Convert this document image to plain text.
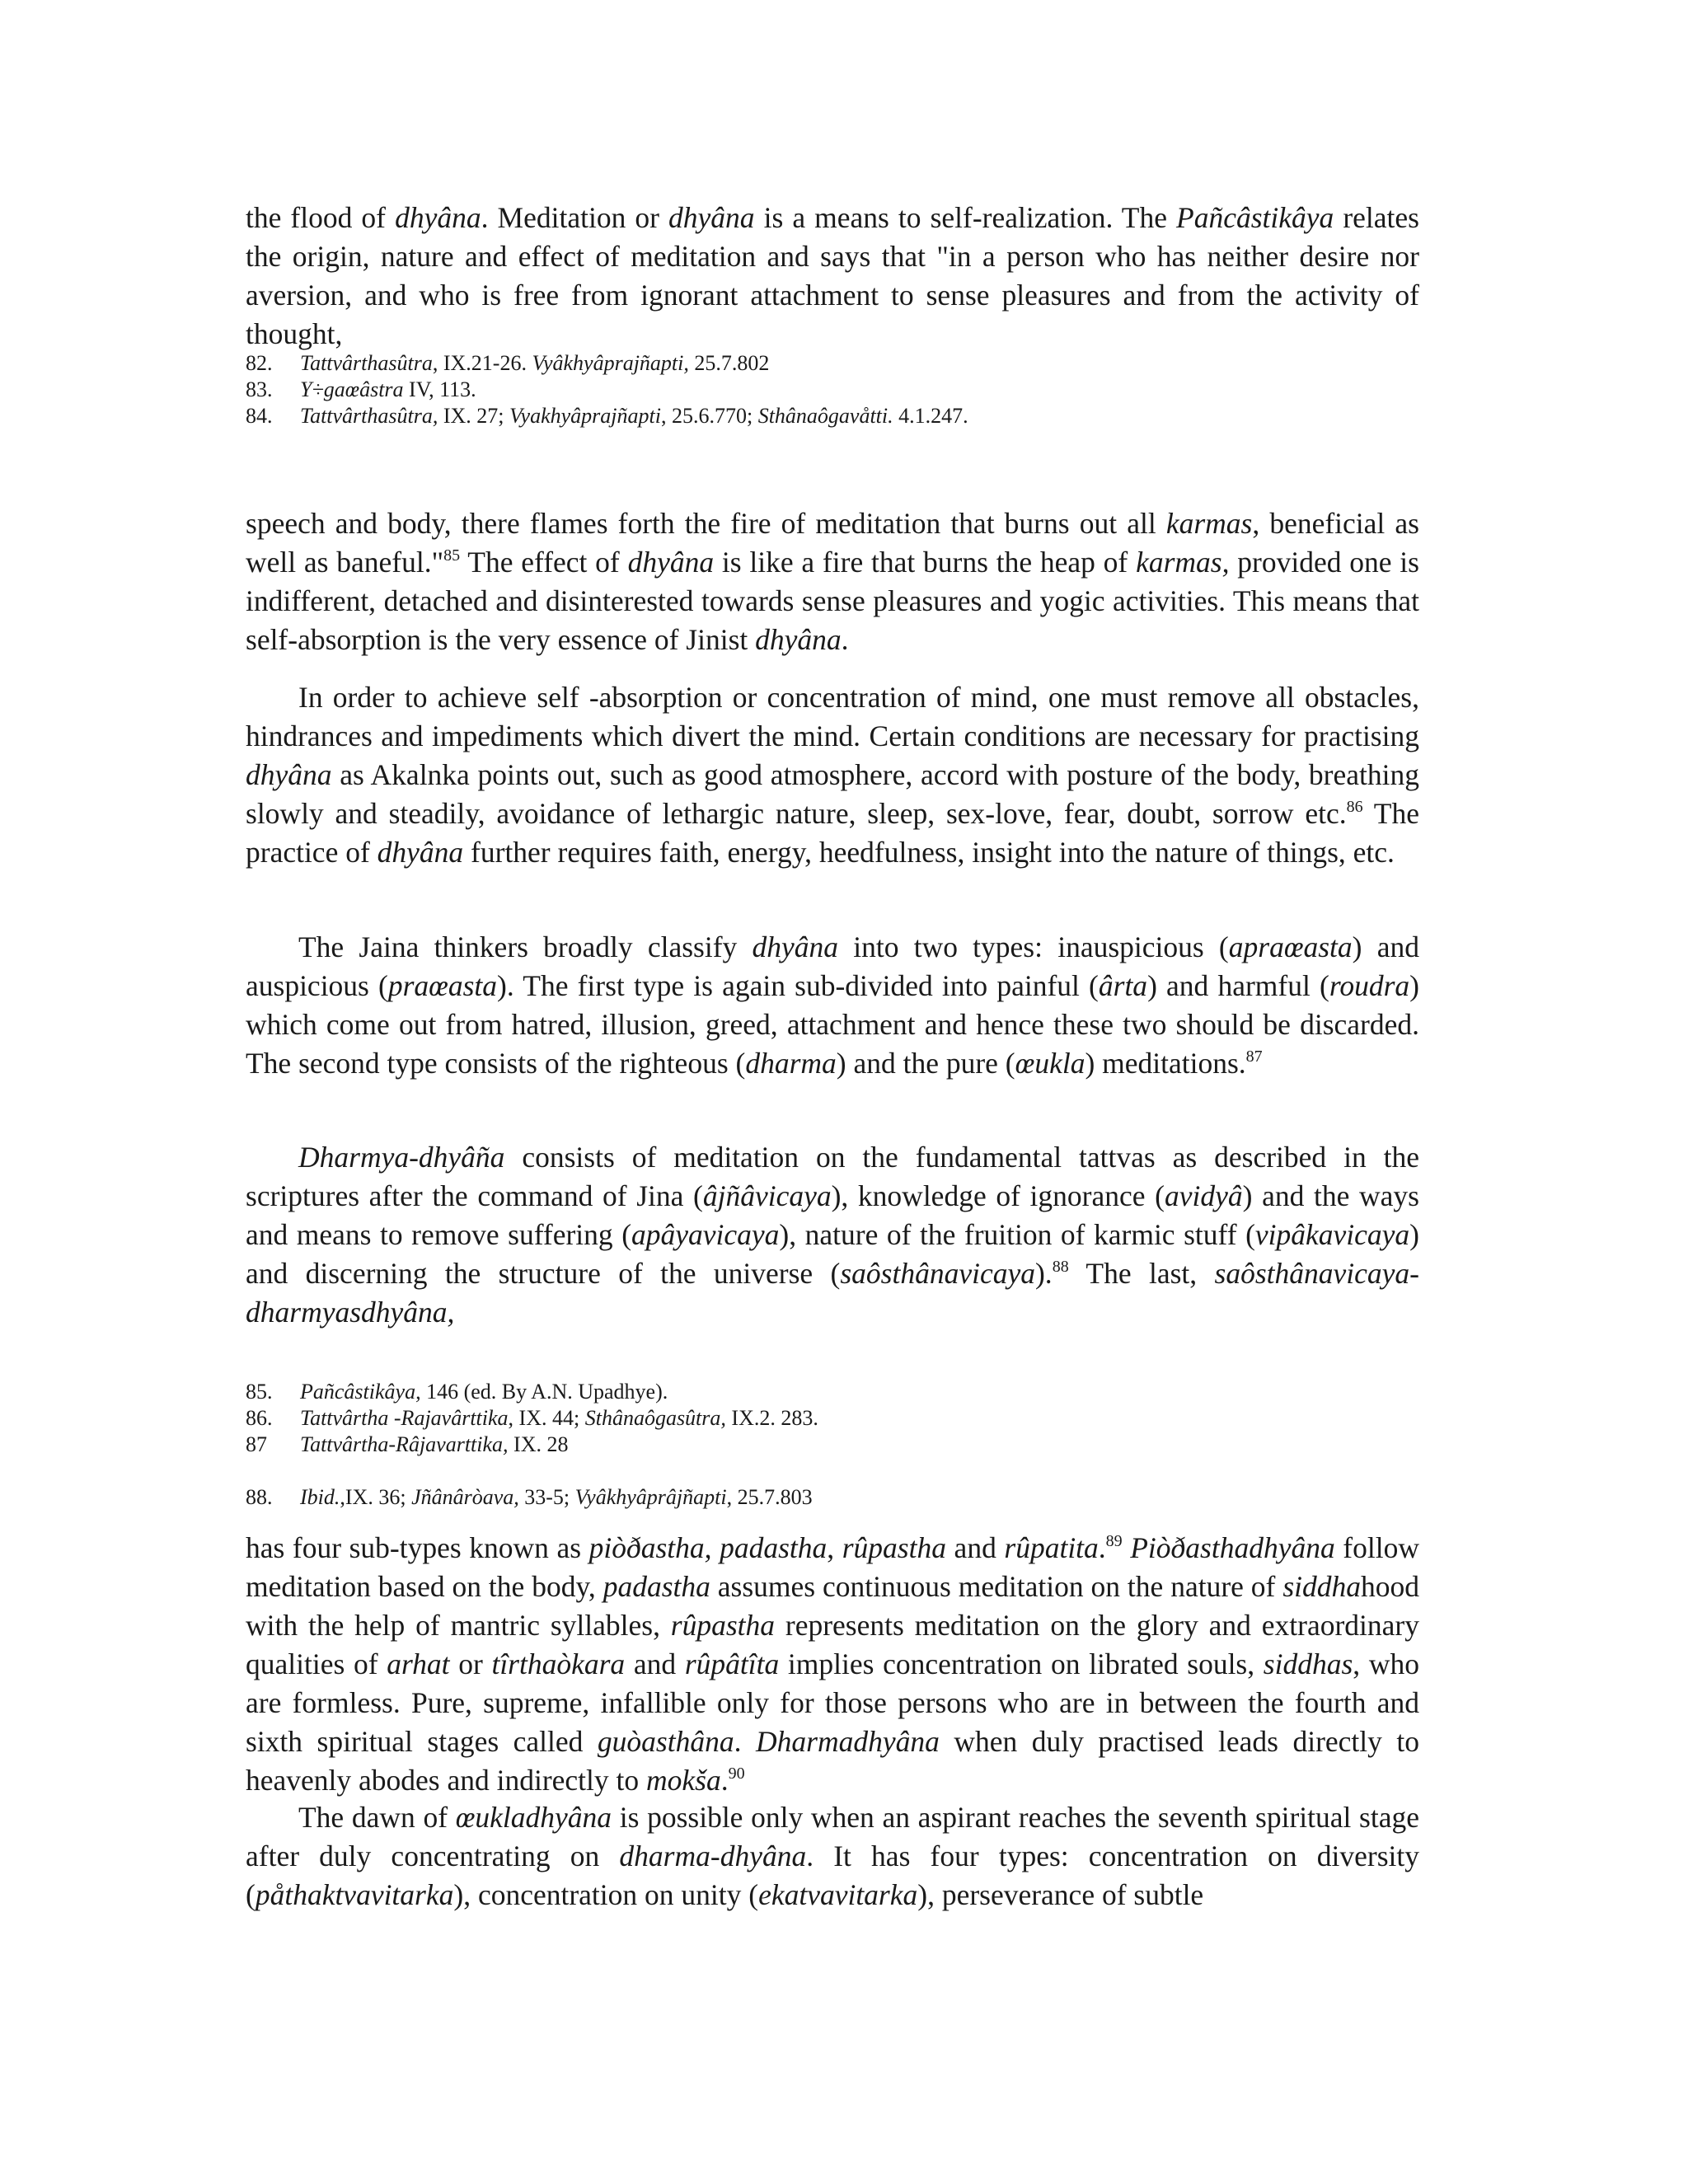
the flood of dhyâna. Meditation or dhyâna is a means to self-realization. The Pañcâstikâya relates the origin, nature and effect of meditation and says that "in a person who has neither desire nor aversion, and who is free from ignorant attachment to sense pleasures and from the activity of thought,

82.	Tattvârthasûtra, IX.21-26. Vyâkhyâprajñapti, 25.7.802
83.	Y÷gaœâstra IV, 113.
84.	Tattvârthasûtra, IX. 27; Vyakhyâprajñapti, 25.6.770; Sthânaôgavåtti. 4.1.247.

speech and body, there flames forth the fire of meditation that burns out all karmas, beneficial as well as baneful."$^{85}$ The effect of dhyâna is like a fire that burns the heap of karmas, provided one is indifferent, detached and disinterested towards sense pleasures and yogic activities. This means that self-absorption is the very essence of Jinist dhyâna.

In order to achieve self -absorption or concentration of mind, one must remove all obstacles, hindrances and impediments which divert the mind. Certain conditions are necessary for practising dhyâna as Akalnka points out, such as good atmosphere, accord with posture of the body, breathing slowly and steadily, avoidance of lethargic nature, sleep, sex-love, fear, doubt, sorrow etc.$^{86}$ The practice of dhyâna further requires faith, energy, heedfulness, insight into the nature of things, etc.

The Jaina thinkers broadly classify dhyâna into two types: inauspicious (apraœasta) and auspicious (praœasta). The first type is again sub-divided into painful (ârta) and harmful (roudra) which come out from hatred, illusion, greed, attachment and hence these two should be discarded. The second type consists of the righteous (dharma) and the pure (œukla) meditations.$^{87}$

Dharmya-dhyâña consists of meditation on the fundamental tattvas as described in the scriptures after the command of Jina (âjñâvicaya), knowledge of ignorance (avidyâ) and the ways and means to remove suffering (apâyavicaya), nature of the fruition of karmic stuff (vipâkavicaya) and discerning the structure of the universe (saôsthânavicaya).$^{88}$ The last, saôsthânavicaya-dharmyasdhyâna,

85.	Pañcâstikâya, 146 (ed. By A.N. Upadhye).
86.	Tattvârtha -Rajavârttika, IX. 44; Sthânaôgasûtra, IX.2. 283.
87	Tattvârtha-Râjavarttika, IX. 28
88.	Ibid.,IX. 36; Jñânâròava, 33-5; Vyâkhyâprâjñapti, 25.7.803

has four sub-types known as piòðastha, padastha, rûpastha and rûpatita.$^{89}$ Piòðasthadhyâna follow meditation based on the body, padastha assumes continuous meditation on the nature of siddhahood with the help of mantric syllables, rûpastha represents meditation on the glory and extraordinary qualities of arhat or tîrthaòkara and rûpâtîta implies concentration on librated souls, siddhas, who are formless. Pure, supreme, infallible only for those persons who are in between the fourth and sixth spiritual stages called guòasthâna. Dharmadhyâna when duly practised leads directly to heavenly abodes and indirectly to mokša.$^{90}$

The dawn of œukladhyâna is possible only when an aspirant reaches the seventh spiritual stage after duly concentrating on dharma-dhyâna. It has four types: concentration on diversity (påthaktvavitarka), concentration on unity (ekatvavitarka), perseverance of subtle
